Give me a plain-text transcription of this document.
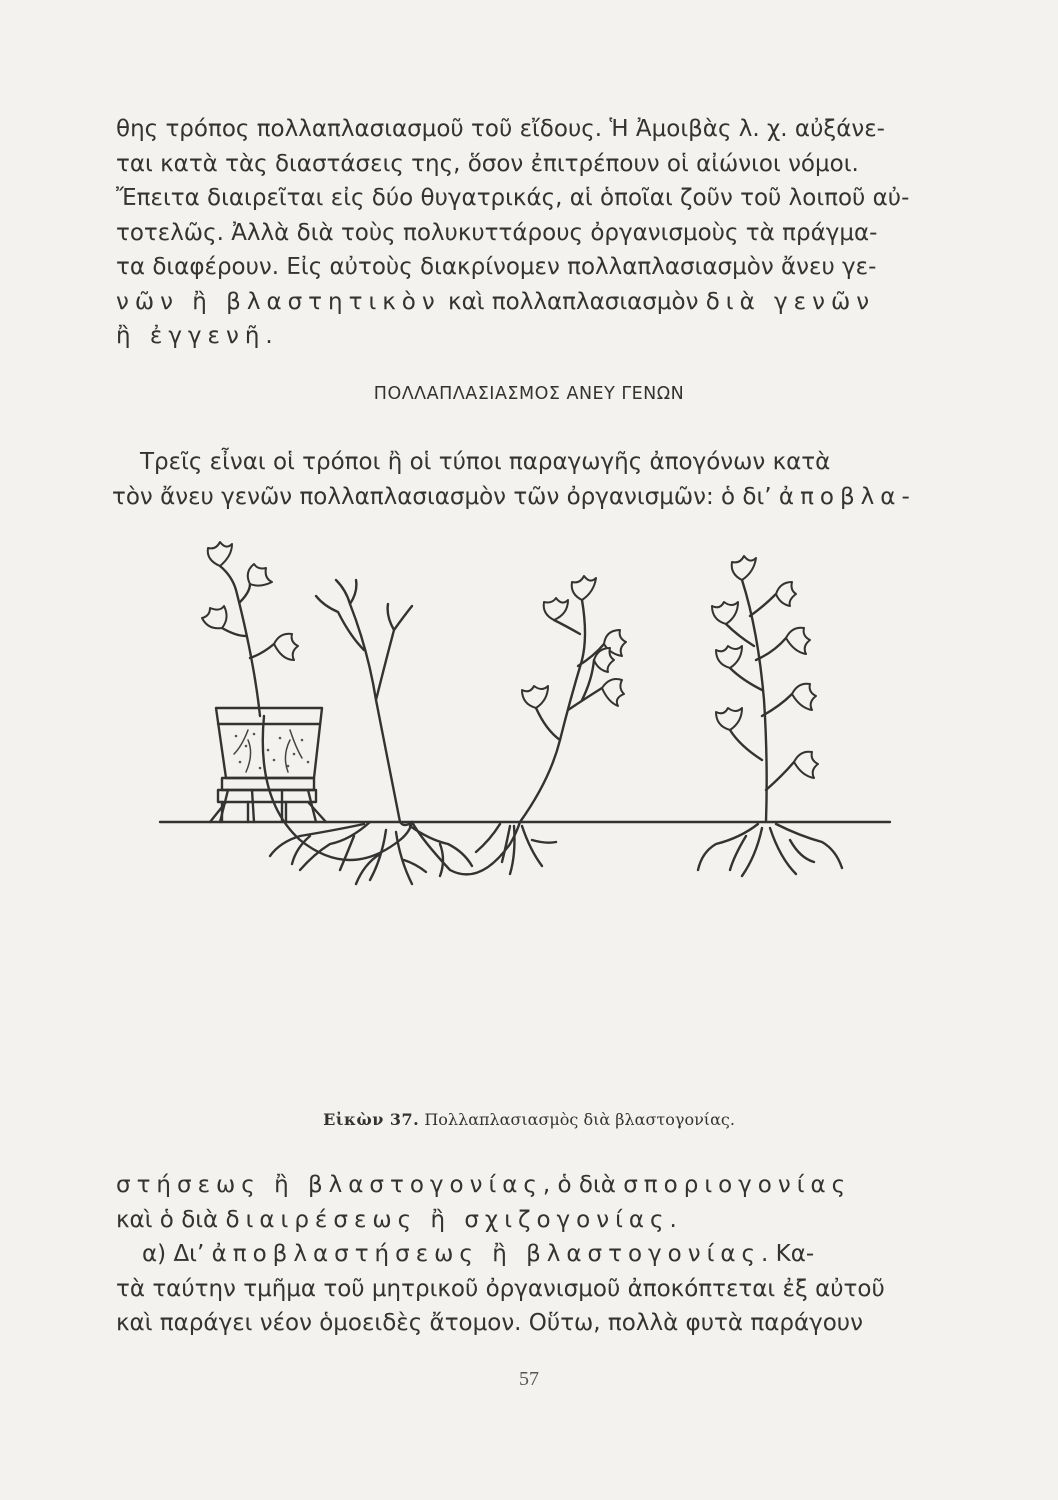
θης τρόπος πολλαπλασιασμοῦ τοῦ εἴδους. Ἡ Ἀμοιβὰς λ. χ. αὐξάνε-
ται κατὰ τὰς διαστάσεις της, ὅσον ἐπιτρέπουν οἱ αἰώνιοι νόμοι.
Ἔπειτα διαιρεῖται εἰς δύο θυγατρικάς, αἱ ὁποῖαι ζοῦν τοῦ λοιποῦ αὐ-
τοτελῶς. Ἀλλὰ διὰ τοὺς πολυκυττάρους ὀργανισμοὺς τὰ πράγμα-
τα διαφέρουν. Εἰς αὐτοὺς διακρίνομεν πολλαπλασιασμὸν ἄνευ γε-
νῶν ἢ βλαστητικὸν καὶ πολλαπλασιασμὸν διὰ γενῶν
ἢ ἐγγενῆ.
ΠΟΛΛΑΠΛΑΣΙΑΣΜΟΣ ΑΝΕΥ ΓΕΝΩΝ
Τρεῖς εἶναι οἱ τρόποι ἢ οἱ τύποι παραγωγῆς ἀπογόνων κατὰ
τὸν ἄνευ γενῶν πολλαπλασιασμὸν τῶν ὀργανισμῶν: ὁ δι’ ἀποβλα-
Εἰκὼν 37. Πολλαπλασιασμὸς διὰ βλαστογονίας.
στήσεως ἢ βλαστογονίας, ὁ διὰ σποριογονίας
καὶ ὁ διὰ διαιρέσεως ἢ σχιζογονίας.
α) Δι’ ἀποβλαστήσεως ἢ βλαστογονίας. Κα-
τὰ ταύτην τμῆμα τοῦ μητρικοῦ ὀργανισμοῦ ἀποκόπτεται ἐξ αὐτοῦ
καὶ παράγει νέον ὁμοειδὲς ἄτομον. Οὕτω, πολλὰ φυτὰ παράγουν
57
